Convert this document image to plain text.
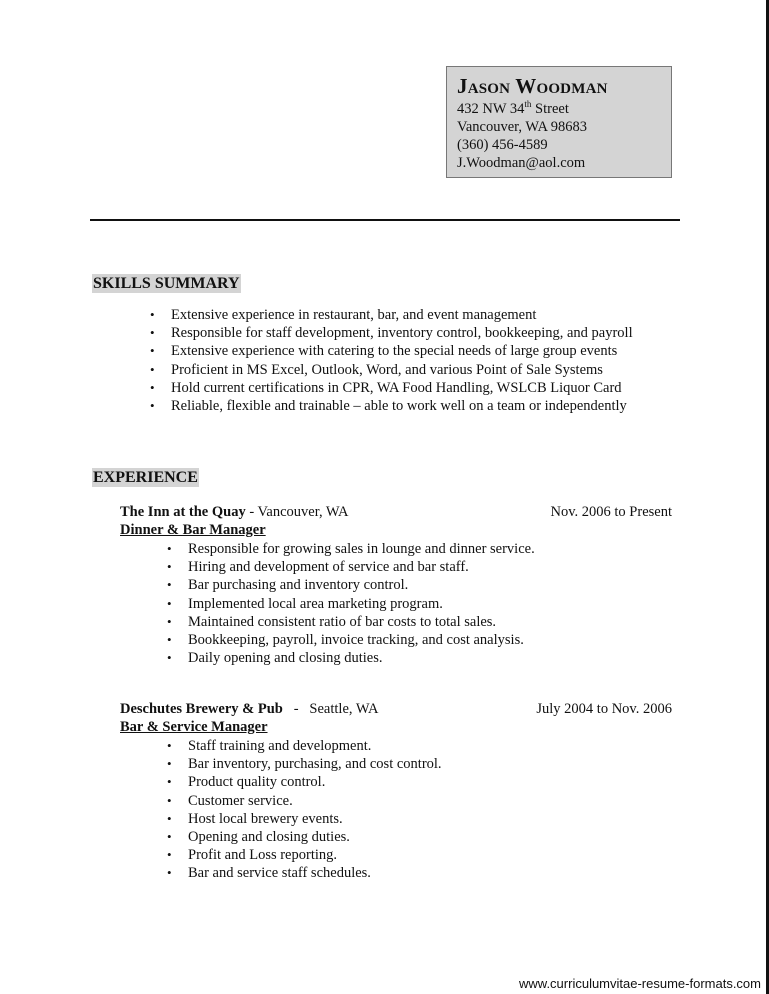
Jason Woodman
432 NW 34th Street
Vancouver, WA 98683
(360) 456-4589
J.Woodman@aol.com
SKILLS SUMMARY
• Extensive experience in restaurant, bar, and event management
• Responsible for staff development, inventory control, bookkeeping, and payroll
• Extensive experience with catering to the special needs of large group events
• Proficient in MS Excel, Outlook, Word, and various Point of Sale Systems
• Hold current certifications in CPR, WA Food Handling, WSLCB Liquor Card
• Reliable, flexible and trainable – able to work well on a team or independently
EXPERIENCE
The Inn at the Quay - Vancouver, WA	Nov. 2006 to Present
Dinner & Bar Manager
• Responsible for growing sales in lounge and dinner service.
• Hiring and development of service and bar staff.
• Bar purchasing and inventory control.
• Implemented local area marketing program.
• Maintained consistent ratio of bar costs to total sales.
• Bookkeeping, payroll, invoice tracking, and cost analysis.
• Daily opening and closing duties.
Deschutes Brewery & Pub   -   Seattle, WA	July 2004 to Nov. 2006
Bar & Service Manager
• Staff training and development.
• Bar inventory, purchasing, and cost control.
• Product quality control.
• Customer service.
• Host local brewery events.
• Opening and closing duties.
• Profit and Loss reporting.
• Bar and service staff schedules.
www.curriculumvitae-resume-formats.com
